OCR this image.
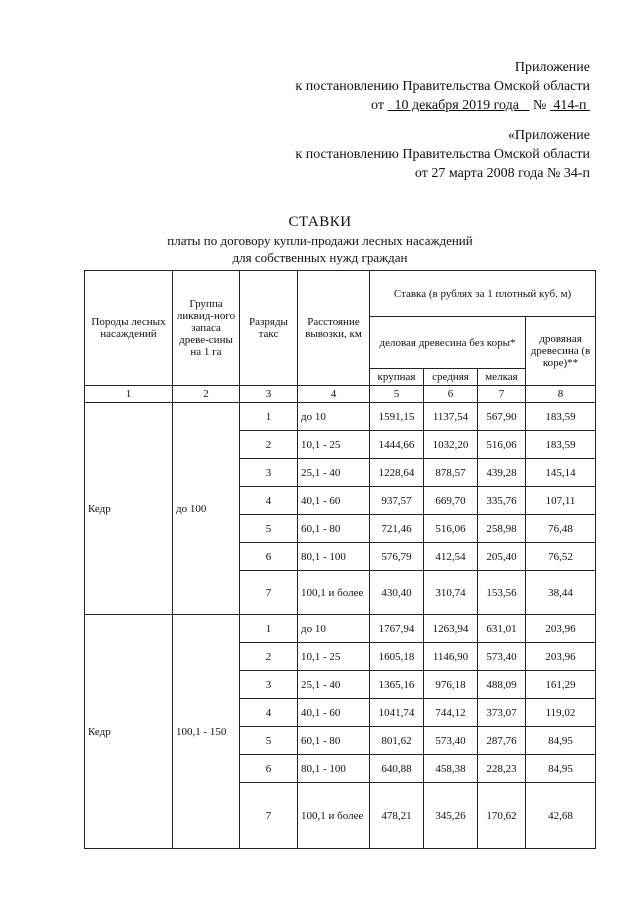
Приложение
к постановлению Правительства Омской области
от 10 декабря 2019 года № 414-п
«Приложение
к постановлению Правительства Омской области
от 27 марта 2008 года № 34-п
СТАВКИ
платы по договору купли-продажи лесных насаждений
для собственных нужд граждан
Породы лесных насаждений	Группа ликвид-ного запаса древе-сины на 1 га	Разряды такс	Расстояние вывозки, км	Ставка (в рублях за 1 плотный куб. м)			
				деловая древесина без коры*			дровяная древесина (в коре)**
				крупная	средняя	мелкая	
1	2	3	4	5	6	7	8
Кедр	до 100	1	до 10	1591,15	1137,54	567,90	183,59
		2	10,1 - 25	1444,66	1032,20	516,06	183,59
		3	25,1 - 40	1228,64	878,57	439,28	145,14
		4	40,1 - 60	937,57	669,70	335,76	107,11
		5	60,1 - 80	721,46	516,06	258,98	76,48
		6	80,1 - 100	576,79	412,54	205,40	76,52
		7	100,1 и более	430,40	310,74	153,56	38,44
Кедр	100,1 - 150	1	до 10	1767,94	1263,94	631,01	203,96
		2	10,1 - 25	1605,18	1146,90	573,40	203,96
		3	25,1 - 40	1365,16	976,18	488,09	161,29
		4	40,1 - 60	1041,74	744,12	373,07	119,02
		5	60,1 - 80	801,62	573,40	287,76	84,95
		6	80,1 - 100	640,88	458,38	228,23	84,95
		7	100,1 и более	478,21	345,26	170,62	42,68
